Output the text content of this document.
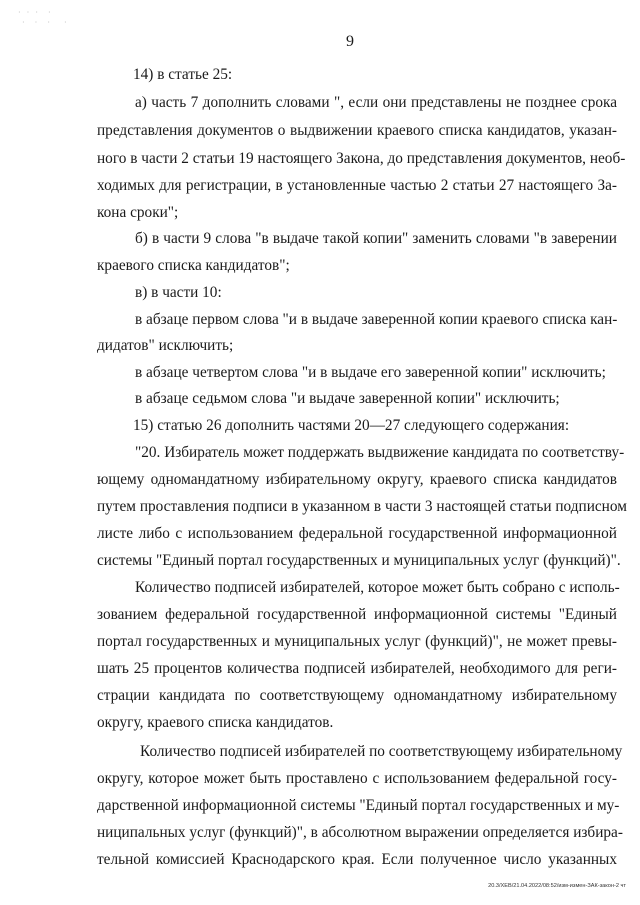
· · ·  ·
·  ·  ·   ·
9
14) в статье 25:
а) часть 7 дополнить словами ", если они представлены не позднее срока
представления документов о выдвижении краевого списка кандидатов, указан-
ного в части 2 статьи 19 настоящего Закона, до представления документов, необ-
ходимых для регистрации, в установленные частью 2 статьи 27 настоящего За-
кона сроки";
б) в части 9 слова "в выдаче такой копии" заменить словами "в заверении
краевого списка кандидатов";
в) в части 10:
в абзаце первом слова "и в выдаче заверенной копии краевого списка кан-
дидатов" исключить;
в абзаце четвертом слова "и в выдаче его заверенной копии" исключить;
в абзаце седьмом слова "и выдаче заверенной копии" исключить;
15) статью 26 дополнить частями 20—27 следующего содержания:
"20. Избиратель может поддержать выдвижение кандидата по соответству-
ющему одномандатному избирательному округу, краевого списка кандидатов
путем проставления подписи в указанном в части 3 настоящей статьи подписном
листе либо с использованием федеральной государственной информационной
системы "Единый портал государственных и муниципальных услуг (функций)".
Количество подписей избирателей, которое может быть собрано с исполь-
зованием федеральной государственной информационной системы "Единый
портал государственных и муниципальных услуг (функций)", не может превы-
шать 25 процентов количества подписей избирателей, необходимого для реги-
страции кандидата по соответствующему одномандатному избирательному
округу, краевого списка кандидатов.
Количество подписей избирателей по соответствующему избирательному
округу, которое может быть проставлено с использованием федеральной госу-
дарственной информационной системы "Единый портал государственных и му-
ниципальных услуг (функций)", в абсолютном выражении определяется избира-
тельной комиссией Краснодарского края. Если полученное число указанных
20.3/ХЕВ/21.04.2022/08:52/изм-измен-ЗАК-закон-2 чт
